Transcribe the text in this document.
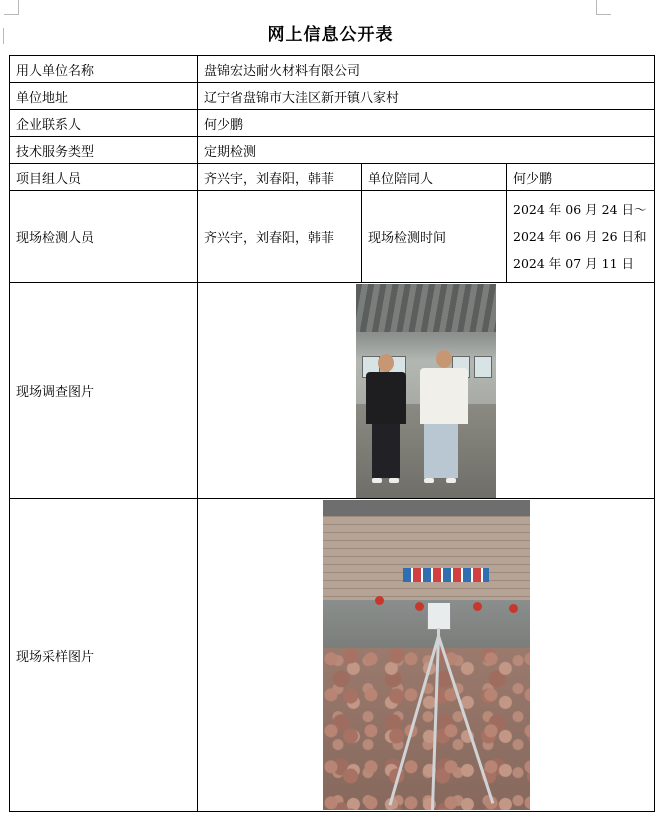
网上信息公开表
用人单位名称	盘锦宏达耐火材料有限公司		
单位地址	辽宁省盘锦市大洼区新开镇八家村		
企业联系人	何少鹏		
技术服务类型	定期检测		
项目组人员	齐兴宇，刘春阳，韩菲	单位陪同人	何少鹏
现场检测人员	齐兴宇，刘春阳，韩菲	现场检测时间	2024 年 06 月 24 日～
2024 年 06 月 26 日和
2024 年 07 月 11 日

现场调查图片			

现场采样图片			
